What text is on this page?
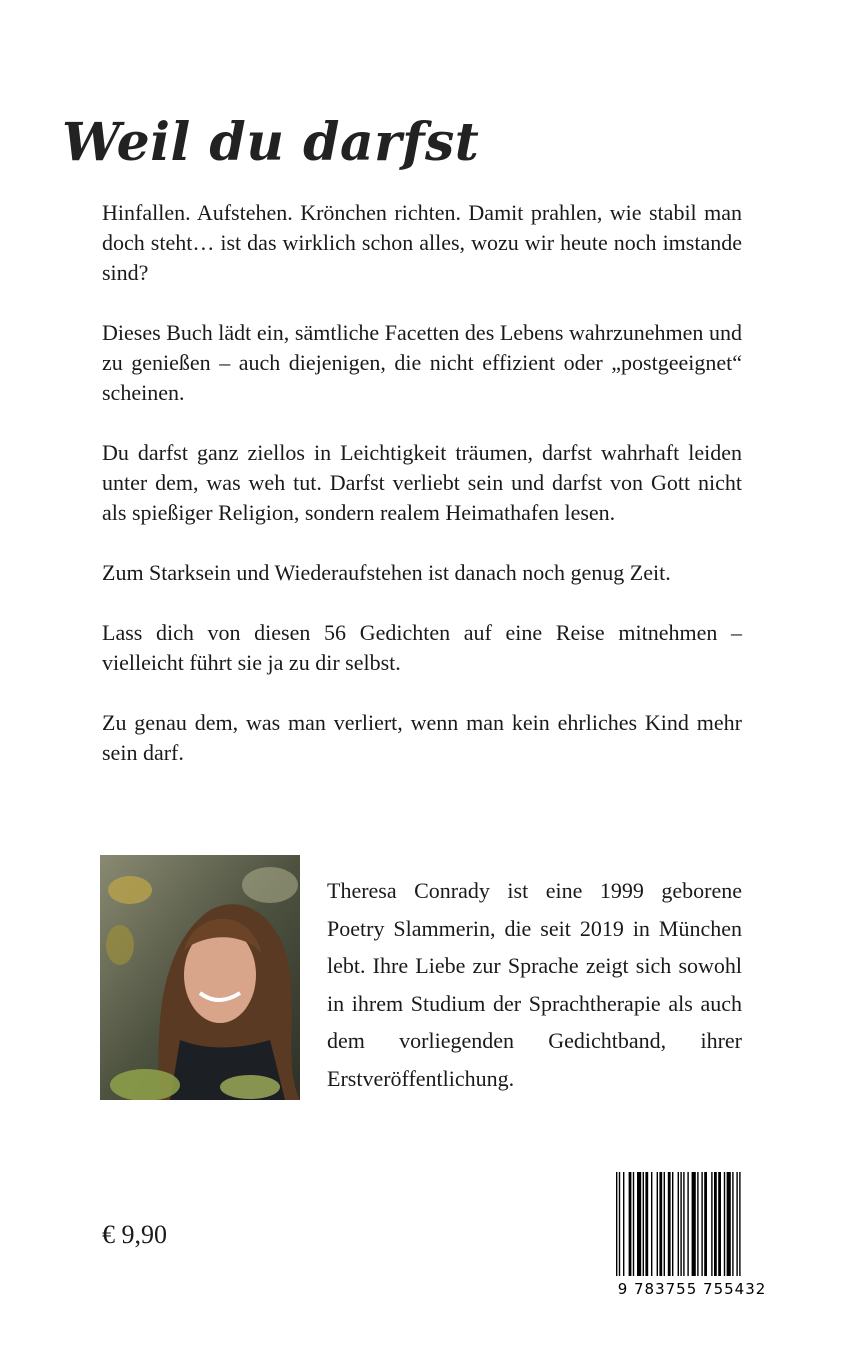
Weil du darfst

Hinfallen. Aufstehen. Krönchen richten. Damit prahlen, wie stabil man doch steht… ist das wirklich schon alles, wozu wir heute noch imstande sind?

Dieses Buch lädt ein, sämtliche Facetten des Lebens wahrzunehmen und zu genießen – auch diejenigen, die nicht effizient oder „postgeeignet“ scheinen.

Du darfst ganz ziellos in Leichtigkeit träumen, darfst wahrhaft leiden unter dem, was weh tut. Darfst verliebt sein und darfst von Gott nicht als spießiger Religion, sondern realem Heimathafen lesen.

Zum Starksein und Wiederaufstehen ist danach noch genug Zeit.

Lass dich von diesen 56 Gedichten auf eine Reise mitnehmen – vielleicht führt sie ja zu dir selbst.

Zu genau dem, was man verliert, wenn man kein ehrliches Kind mehr sein darf.

Theresa Conrady ist eine 1999 geborene Poetry Slammerin, die seit 2019 in München lebt. Ihre Liebe zur Sprache zeigt sich sowohl in ihrem Studium der Sprachtherapie als auch dem vorliegenden Gedichtband, ihrer Erstveröffentlichung.

€ 9,90

9 783755 755432
